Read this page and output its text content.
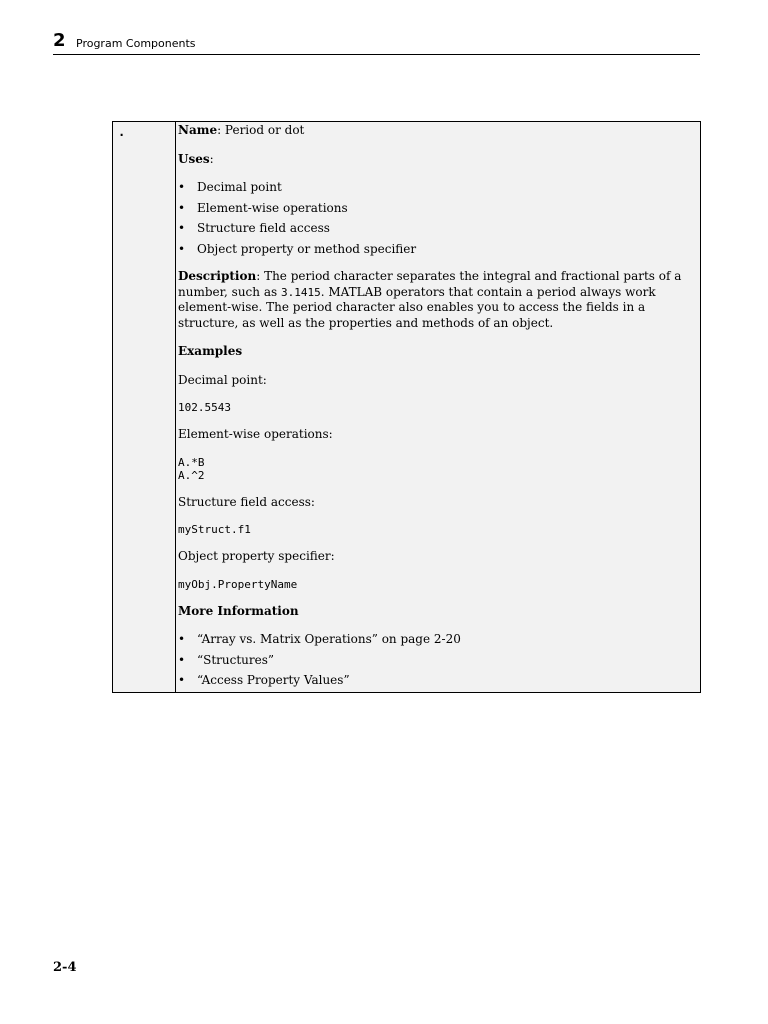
2 Program Components
.	Name: Period or dot

Uses:

• Decimal point
• Element-wise operations
• Structure field access
• Object property or method specifier

Description: The period character separates the integral and fractional parts of a number, such as 3.1415. MATLAB operators that contain a period always work element-wise. The period character also enables you to access the fields in a structure, as well as the properties and methods of an object.

Examples

Decimal point:

102.5543

Element-wise operations:

A.*B
A.^2

Structure field access:

myStruct.f1

Object property specifier:

myObj.PropertyName

More Information

• “Array vs. Matrix Operations” on page 2-20
• “Structures”
• “Access Property Values”
2-4
